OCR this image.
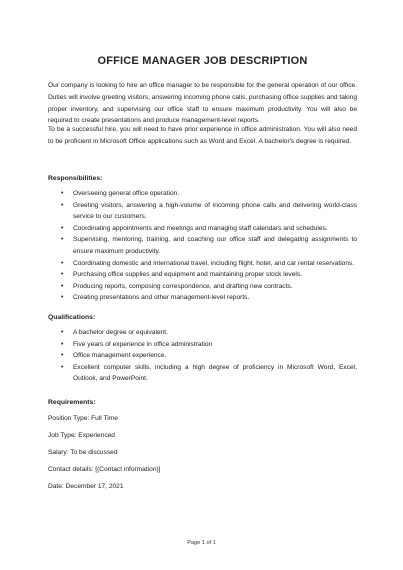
OFFICE MANAGER JOB DESCRIPTION

Our company is looking to hire an office manager to be responsible for the general operation of our office. Duties will involve greeting visitors, answering incoming phone calls, purchasing office supplies and taking proper inventory, and supervising our office staff to ensure maximum productivity. You will also be required to create presentations and produce management-level reports.

To be a successful hire, you will need to have prior experience in office administration. You will also need to be proficient in Microsoft Office applications such as Word and Excel. A bachelor's degree is required.

Responsibilities:

• Overseeing general office operation.
• Greeting visitors, answering a high-volume of incoming phone calls and delivering world-class service to our customers.
• Coordinating appointments and meetings and managing staff calendars and schedules.
• Supervising, mentoring, training, and coaching our office staff and delegating assignments to ensure maximum productivity.
• Coordinating domestic and international travel, including flight, hotel, and car rental reservations.
• Purchasing office supplies and equipment and maintaining proper stock levels.
• Producing reports, composing correspondence, and drafting new contracts.
• Creating presentations and other management-level reports.

Qualifications:

• A bachelor degree or equivalent.
• Five years of experience in office administration
• Office management experience.
• Excellent computer skills, including a high degree of proficiency in Microsoft Word, Excel, Outlook, and PowerPoint.

Requirements:

Position Type: Full Time

Job Type: Experienced

Salary: To be discussed

Contact details: [(Contact information)]

Date: December 17, 2021

Page 1 of 1
